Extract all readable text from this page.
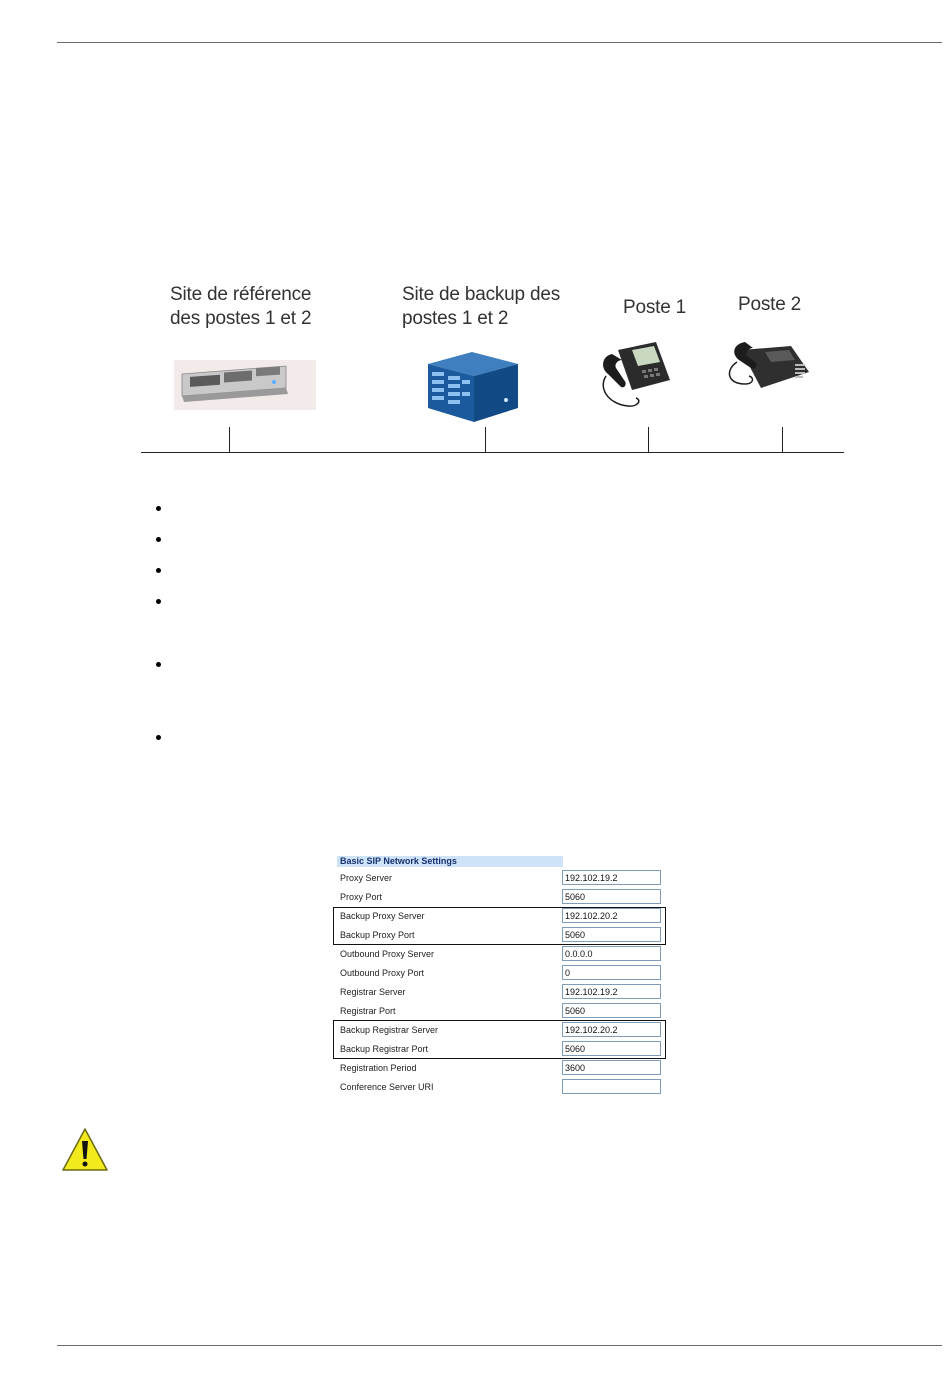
Site de référence
des postes 1 et 2
Site de backup des
postes 1 et 2
Poste 1	Poste 2
Basic SIP Network Settings
Proxy Server	192.102.19.2
Proxy Port	5060
Backup Proxy Server	192.102.20.2
Backup Proxy Port	5060
Outbound Proxy Server	0.0.0.0
Outbound Proxy Port	0
Registrar Server	192.102.19.2
Registrar Port	5060
Backup Registrar Server	192.102.20.2
Backup Registrar Port	5060
Registration Period	3600
Conference Server URI
